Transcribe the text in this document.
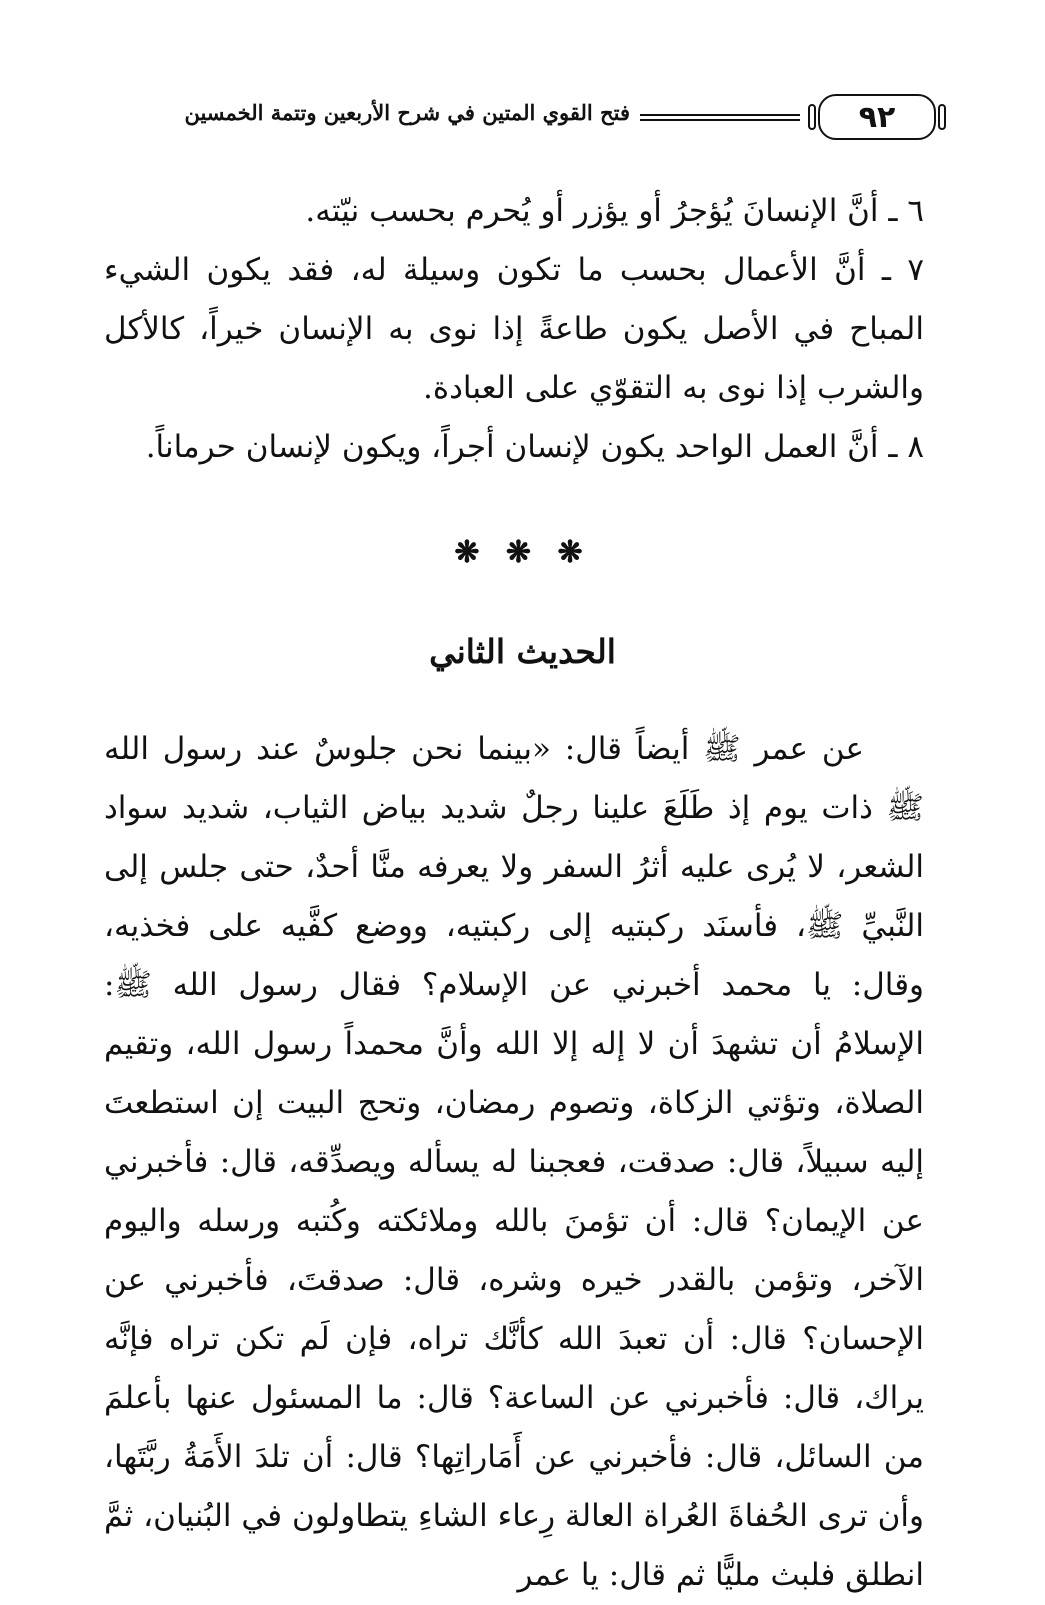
٩٢
فتح القوي المتين في شرح الأربعين وتتمة الخمسين

٦ ـ أنَّ الإنسانَ يُؤجرُ أو يؤزر أو يُحرم بحسب نيّته.

٧ ـ أنَّ الأعمال بحسب ما تكون وسيلة له، فقد يكون الشيء المباح في الأصل يكون طاعةً إذا نوى به الإنسان خيراً، كالأكل والشرب إذا نوى به التقوّي على العبادة.

٨ ـ أنَّ العمل الواحد يكون لإنسان أجراً، ويكون لإنسان حرماناً.

❋ ❋ ❋
الحديث الثاني

عن عمر ﷺ أيضاً قال: «بينما نحن جلوسٌ عند رسول الله ﷺ ذات يوم إذ طَلَعَ علينا رجلٌ شديد بياض الثياب، شديد سواد الشعر، لا يُرى عليه أثرُ السفر ولا يعرفه منَّا أحدٌ، حتى جلس إلى النَّبيِّ ﷺ، فأسنَد ركبتيه إلى ركبتيه، ووضع كفَّيه على فخذيه، وقال: يا محمد أخبرني عن الإسلام؟ فقال رسول الله ﷺ: الإسلامُ أن تشهدَ أن لا إله إلا الله وأنَّ محمداً رسول الله، وتقيم الصلاة، وتؤتي الزكاة، وتصوم رمضان، وتحج البيت إن استطعتَ إليه سبيلاً، قال: صدقت، فعجبنا له يسأله ويصدِّقه، قال: فأخبرني عن الإيمان؟ قال: أن تؤمنَ بالله وملائكته وكُتبه ورسله واليوم الآخر، وتؤمن بالقدر خيره وشره، قال: صدقتَ، فأخبرني عن الإحسان؟ قال: أن تعبدَ الله كأنَّك تراه، فإن لَم تكن تراه فإنَّه يراك، قال: فأخبرني عن الساعة؟ قال: ما المسئول عنها بأعلمَ من السائل، قال: فأخبرني عن أَمَاراتِها؟ قال: أن تلدَ الأَمَةُ ربَّتَها، وأن ترى الحُفاةَ العُراة العالة رِعاء الشاءِ يتطاولون في البُنيان، ثمَّ انطلق فلبث مليًّا ثم قال: يا عمر
